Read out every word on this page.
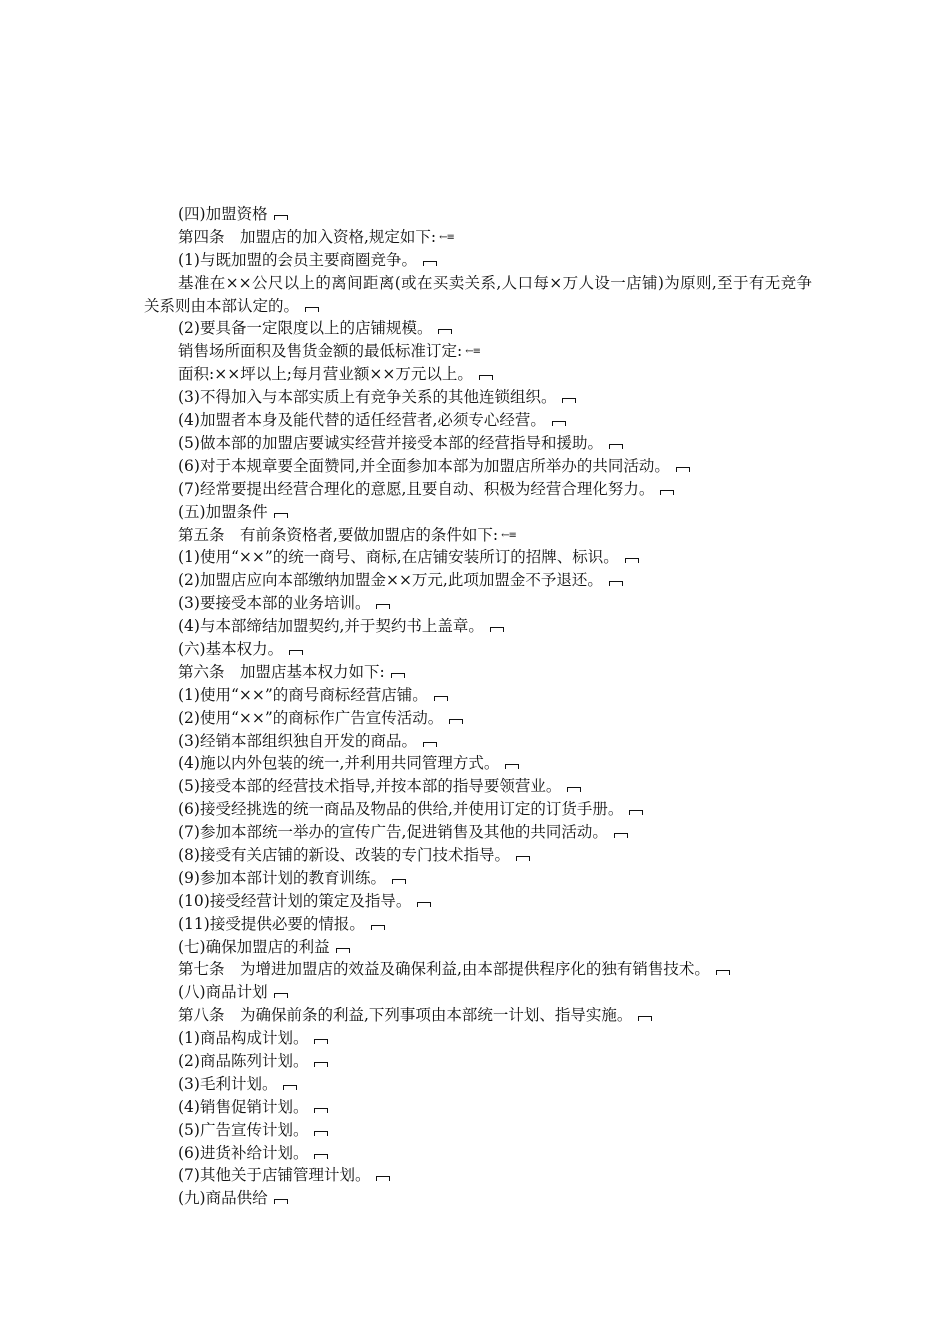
(四)加盟资格
第四条　加盟店的加入资格,规定如下: ←≡
(1)与既加盟的会员主要商圈竞争。
基准在××公尺以上的离间距离(或在买卖关系,人口每×万人设一店铺)为原则,至于有无竞争关系则由本部认定的。
(2)要具备一定限度以上的店铺规模。
销售场所面积及售货金额的最低标准订定: ←≡
面积:××坪以上;每月营业额××万元以上。
(3)不得加入与本部实质上有竞争关系的其他连锁组织。
(4)加盟者本身及能代替的适任经营者,必须专心经营。
(5)做本部的加盟店要诚实经营并接受本部的经营指导和援助。
(6)对于本规章要全面赞同,并全面参加本部为加盟店所举办的共同活动。
(7)经常要提出经营合理化的意愿,且要自动、积极为经营合理化努力。
(五)加盟条件
第五条　有前条资格者,要做加盟店的条件如下: ←≡
(1)使用“××”的统一商号、商标,在店铺安装所订的招牌、标识。
(2)加盟店应向本部缴纳加盟金××万元,此项加盟金不予退还。
(3)要接受本部的业务培训。
(4)与本部缔结加盟契约,并于契约书上盖章。
(六)基本权力。
第六条　加盟店基本权力如下:
(1)使用“××”的商号商标经营店铺。
(2)使用“××”的商标作广告宣传活动。
(3)经销本部组织独自开发的商品。
(4)施以内外包装的统一,并利用共同管理方式。
(5)接受本部的经营技术指导,并按本部的指导要领营业。
(6)接受经挑选的统一商品及物品的供给,并使用订定的订货手册。
(7)参加本部统一举办的宣传广告,促进销售及其他的共同活动。
(8)接受有关店铺的新设、改装的专门技术指导。
(9)参加本部计划的教育训练。
(10)接受经营计划的策定及指导。
(11)接受提供必要的情报。
(七)确保加盟店的利益
第七条　为增进加盟店的效益及确保利益,由本部提供程序化的独有销售技术。
(八)商品计划
第八条　为确保前条的利益,下列事项由本部统一计划、指导实施。
(1)商品构成计划。
(2)商品陈列计划。
(3)毛利计划。
(4)销售促销计划。
(5)广告宣传计划。
(6)进货补给计划。
(7)其他关于店铺管理计划。
(九)商品供给
